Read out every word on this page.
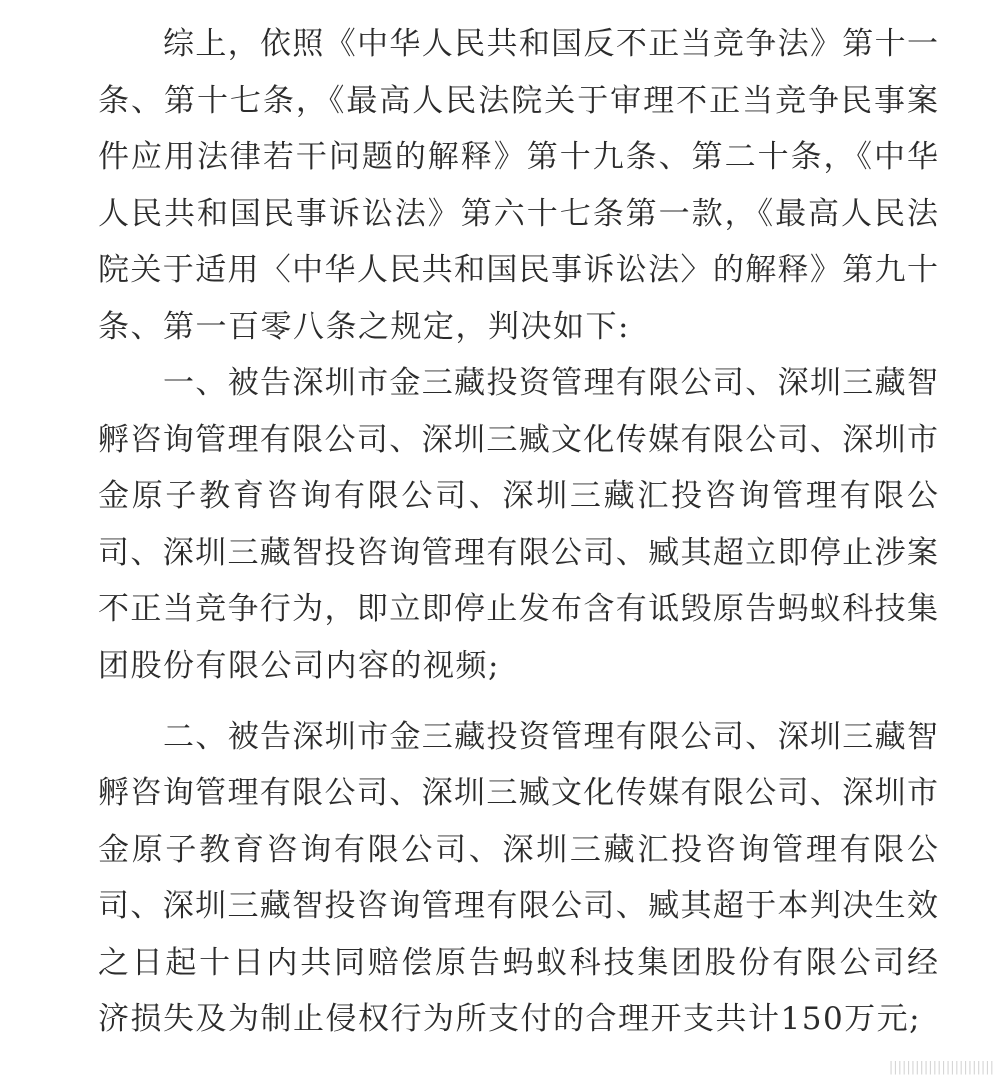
综上，依照《中华人民共和国反不正当竞争法》第十一
条、第十七条，《最高人民法院关于审理不正当竞争民事案
件应用法律若干问题的解释》第十九条、第二十条，《中华
人民共和国民事诉讼法》第六十七条第一款，《最高人民法
院关于适用〈中华人民共和国民事诉讼法〉的解释》第九十
条、第一百零八条之规定，判决如下:
一、被告深圳市金三藏投资管理有限公司、深圳三藏智
孵咨询管理有限公司、深圳三臧文化传媒有限公司、深圳市
金原子教育咨询有限公司、深圳三藏汇投咨询管理有限公
司、深圳三藏智投咨询管理有限公司、臧其超立即停止涉案
不正当竞争行为，即立即停止发布含有诋毁原告蚂蚁科技集
团股份有限公司内容的视频;
二、被告深圳市金三藏投资管理有限公司、深圳三藏智
孵咨询管理有限公司、深圳三臧文化传媒有限公司、深圳市
金原子教育咨询有限公司、深圳三藏汇投咨询管理有限公
司、深圳三藏智投咨询管理有限公司、臧其超于本判决生效
之日起十日内共同赔偿原告蚂蚁科技集团股份有限公司经
济损失及为制止侵权行为所支付的合理开支共计150万元;
||||||||||||||||||||||||
